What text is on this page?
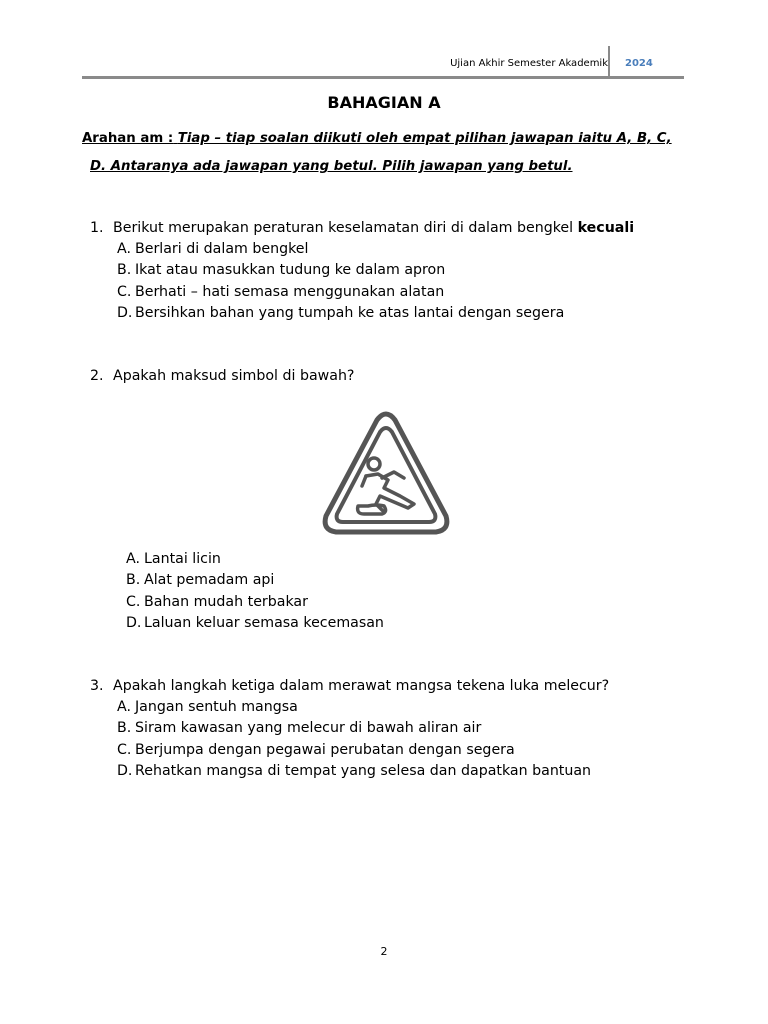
Ujian Akhir Semester Akademik 2024
BAHAGIAN A
Arahan am : Tiap – tiap soalan diikuti oleh empat pilihan jawapan iaitu A, B, C,
D. Antaranya ada jawapan yang betul. Pilih jawapan yang betul.
1. Berikut merupakan peraturan keselamatan diri di dalam bengkel kecuali
A. Berlari di dalam bengkel
B. Ikat atau masukkan tudung ke dalam apron
C. Berhati – hati semasa menggunakan alatan
D. Bersihkan bahan yang tumpah ke atas lantai dengan segera
2. Apakah maksud simbol di bawah?
A. Lantai licin
B. Alat pemadam api
C. Bahan mudah terbakar
D. Laluan keluar semasa kecemasan
3. Apakah langkah ketiga dalam merawat mangsa tekena luka melecur?
A. Jangan sentuh mangsa
B. Siram kawasan yang melecur di bawah aliran air
C. Berjumpa dengan pegawai perubatan dengan segera
D. Rehatkan mangsa di tempat yang selesa dan dapatkan bantuan
2
